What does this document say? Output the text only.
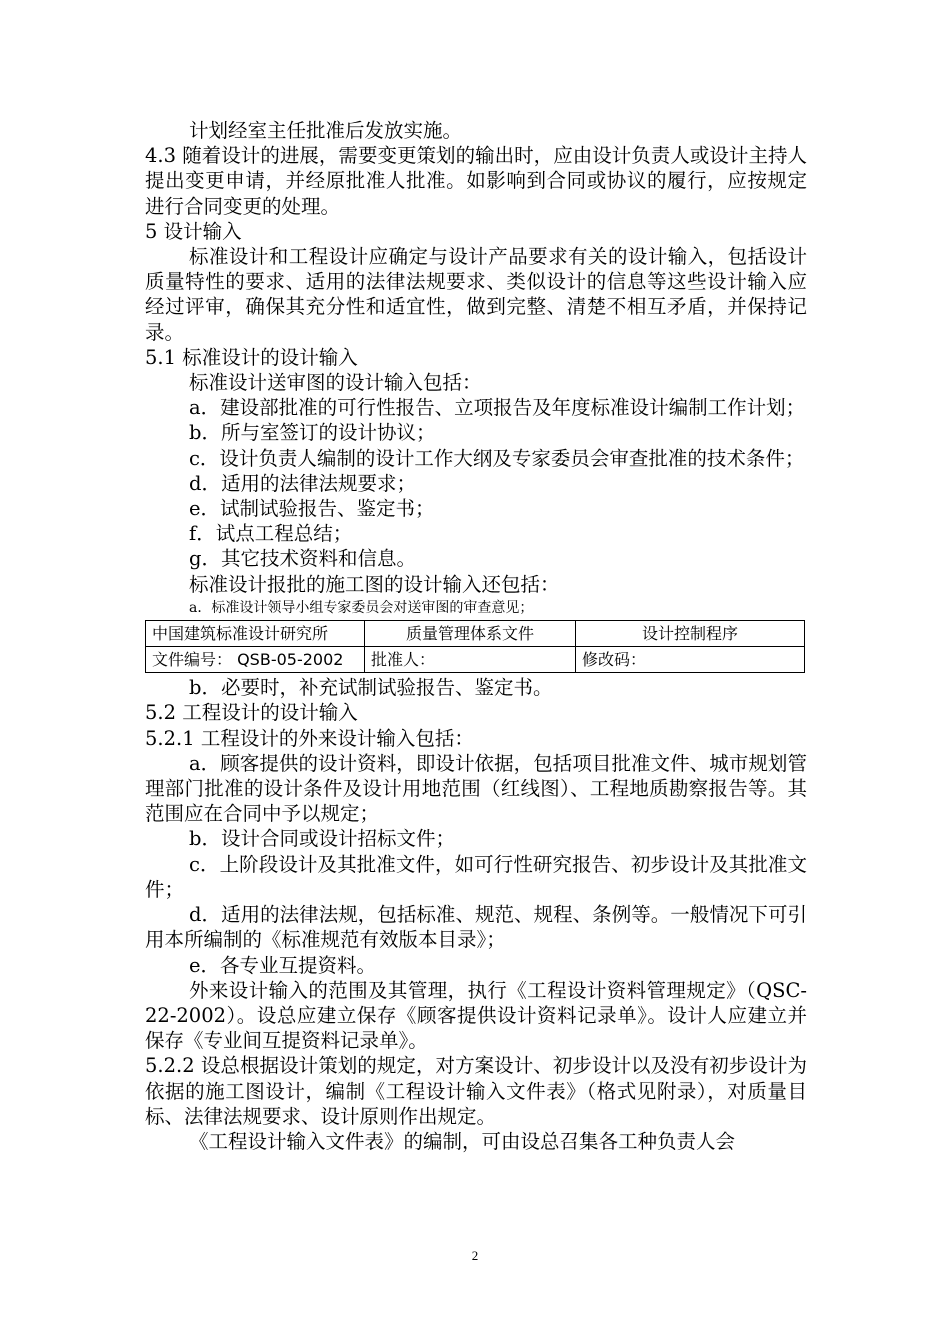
计划经室主任批准后发放实施。

4.3 随着设计的进展，需要变更策划的输出时，应由设计负责人或设计主持人提出变更申请，并经原批准人批准。如影响到合同或协议的履行，应按规定进行合同变更的处理。

5 设计输入

标准设计和工程设计应确定与设计产品要求有关的设计输入，包括设计质量特性的要求、适用的法律法规要求、类似设计的信息等这些设计输入应经过评审，确保其充分性和适宜性，做到完整、清楚不相互矛盾，并保持记录。

5.1 标准设计的设计输入

标准设计送审图的设计输入包括：

a．建设部批准的可行性报告、立项报告及年度标准设计编制工作计划；

b．所与室签订的设计协议；

c．设计负责人编制的设计工作大纲及专家委员会审查批准的技术条件；

d．适用的法律法规要求；

e．试制试验报告、鉴定书；

f．试点工程总结；

g．其它技术资料和信息。

标准设计报批的施工图的设计输入还包括：

a．标准设计领导小组专家委员会对送审图的审查意见；

中国建筑标准设计研究所	质量管理体系文件	设计控制程序
文件编号： QSB-05-2002	批准人：	修改码：

b．必要时，补充试制试验报告、鉴定书。

5.2 工程设计的设计输入

5.2.1 工程设计的外来设计输入包括：

a．顾客提供的设计资料，即设计依据，包括项目批准文件、城市规划管理部门批准的设计条件及设计用地范围（红线图）、工程地质勘察报告等。其范围应在合同中予以规定；

b．设计合同或设计招标文件；

c．上阶段设计及其批准文件，如可行性研究报告、初步设计及其批准文件；

d．适用的法律法规，包括标准、规范、规程、条例等。一般情况下可引用本所编制的《标准规范有效版本目录》；

e．各专业互提资料。

外来设计输入的范围及其管理，执行《工程设计资料管理规定》（QSC-22-2002）。设总应建立保存《顾客提供设计资料记录单》。设计人应建立并保存《专业间互提资料记录单》。

5.2.2 设总根据设计策划的规定，对方案设计、初步设计以及没有初步设计为依据的施工图设计，编制《工程设计输入文件表》（格式见附录），对质量目标、法律法规要求、设计原则作出规定。

《工程设计输入文件表》的编制，可由设总召集各工种负责人会

2
